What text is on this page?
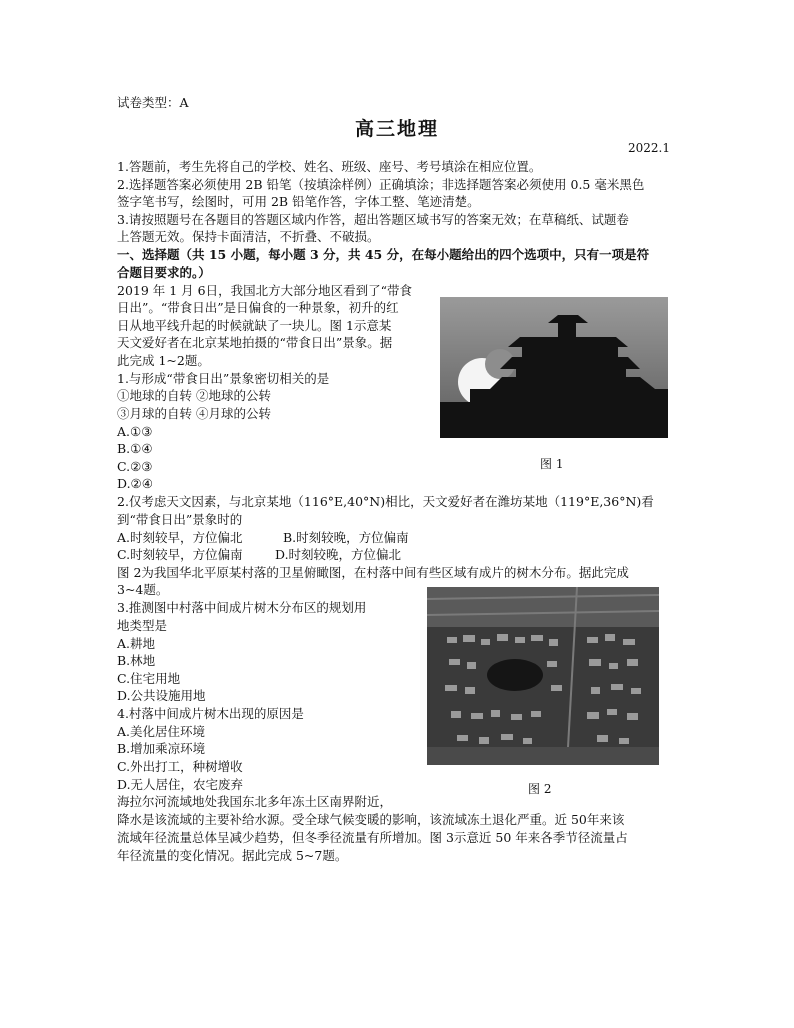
试卷类型：A
高三地理
2022.1
1.答题前，考生先将自己的学校、姓名、班级、座号、考号填涂在相应位置。
2.选择题答案必须使用 2B 铅笔（按填涂样例）正确填涂；非选择题答案必须使用 0.5 毫米黑色
签字笔书写，绘图时，可用 2B 铅笔作答，字体工整、笔迹清楚。
3.请按照题号在各题目的答题区域内作答，超出答题区域书写的答案无效；在草稿纸、试题卷
上答题无效。保持卡面清洁，不折叠、不破损。
一、选择题（共 15 小题，每小题 3 分，共 45 分，在每小题给出的四个选项中，只有一项是符
合题目要求的。）
2019 年 1 月 6日，我国北方大部分地区看到了“带食
日出”。“带食日出”是日偏食的一种景象，初升的红
日从地平线升起的时候就缺了一块儿。图 1示意某
天文爱好者在北京某地拍摄的“带食日出”景象。据
此完成 1~2题。
1.与形成“带食日出”景象密切相关的是
①地球的自转 ②地球的公转
③月球的自转 ④月球的公转
A.①③
B.①④
C.②③
D.②④
图 1
2.仅考虑天文因素，与北京某地（116°E,40°N)相比，天文爱好者在潍坊某地（119°E,36°N)看
到“带食日出”景象时的
A.时刻较早，方位偏北	B.时刻较晚，方位偏南
C.时刻较早，方位偏南	D.时刻较晚，方位偏北
图 2为我国华北平原某村落的卫星俯瞰图，在村落中间有些区域有成片的树木分布。据此完成
3~4题。
3.推测图中村落中间成片树木分布区的规划用
地类型是
A.耕地
B.林地
C.住宅用地
D.公共设施用地
4.村落中间成片树木出现的原因是
A.美化居住环境
B.增加乘凉环境
C.外出打工，种树增收
D.无人居住，农宅废弃	图 2
海拉尔河流域地处我国东北多年冻土区南界附近，
降水是该流域的主要补给水源。受全球气候变暖的影响，该流域冻土退化严重。近 50年来该
流域年径流量总体呈减少趋势，但冬季径流量有所增加。图 3示意近 50 年来各季节径流量占
年径流量的变化情况。据此完成 5~7题。
